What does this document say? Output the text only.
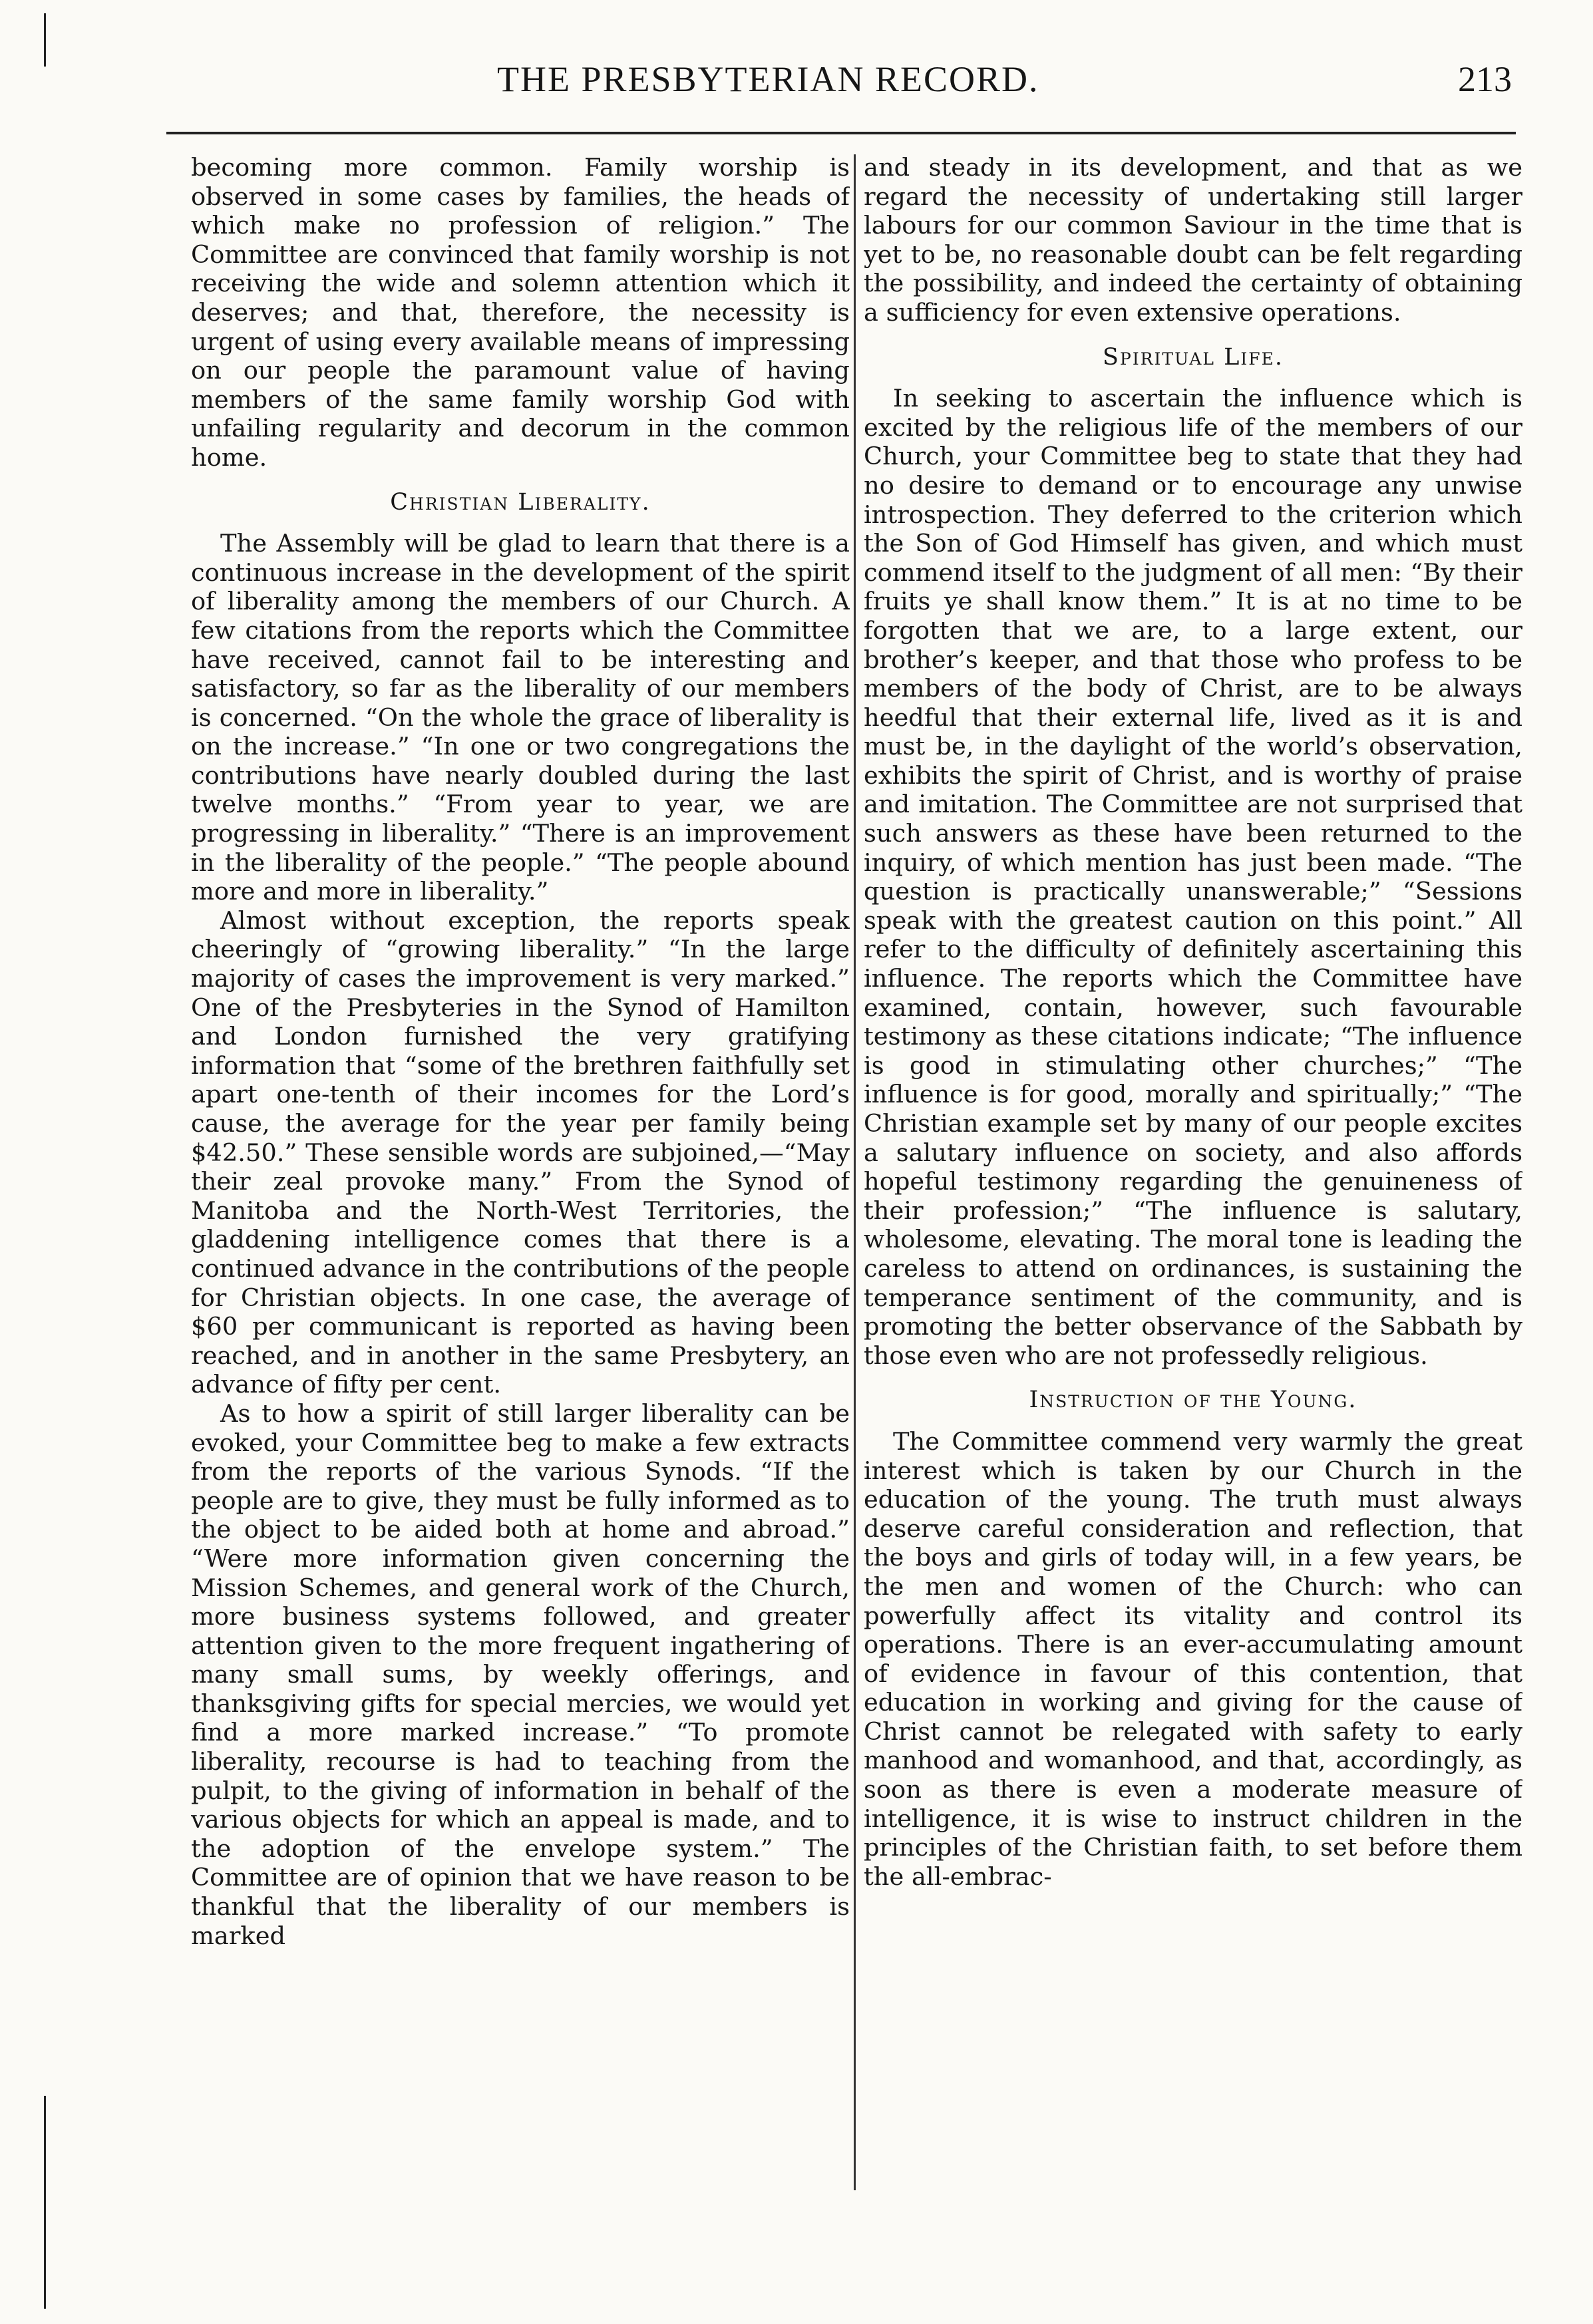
THE PRESBYTERIAN RECORD.	213

becoming more common. Family worship is observed in some cases by families, the heads of which make no profession of religion.” The Committee are convinced that family worship is not receiving the wide and solemn attention which it deserves; and that, therefore, the necessity is urgent of using every available means of impressing on our people the paramount value of having members of the same family worship God with unfailing regularity and decorum in the common home.

Christian Liberality.

The Assembly will be glad to learn that there is a continuous increase in the development of the spirit of liberality among the members of our Church. A few citations from the reports which the Committee have received, cannot fail to be interesting and satisfactory, so far as the liberality of our members is concerned. “On the whole the grace of liberality is on the increase.” “In one or two congregations the contributions have nearly doubled during the last twelve months.” “From year to year, we are progressing in liberality.” “There is an improvement in the liberality of the people.” “The people abound more and more in liberality.”

Almost without exception, the reports speak cheeringly of “growing liberality.” “In the large majority of cases the improvement is very marked.” One of the Presbyteries in the Synod of Hamilton and London furnished the very gratifying information that “some of the brethren faithfully set apart one-tenth of their incomes for the Lord’s cause, the average for the year per family being $42.50.” These sensible words are subjoined,—“May their zeal provoke many.” From the Synod of Manitoba and the North-West Territories, the gladdening intelligence comes that there is a continued advance in the contributions of the people for Christian objects. In one case, the average of $60 per communicant is reported as having been reached, and in another in the same Presbytery, an advance of fifty per cent.

As to how a spirit of still larger liberality can be evoked, your Committee beg to make a few extracts from the reports of the various Synods. “If the people are to give, they must be fully informed as to the object to be aided both at home and abroad.” “Were more information given concerning the Mission Schemes, and general work of the Church, more business systems followed, and greater attention given to the more frequent ingathering of many small sums, by weekly offerings, and thanksgiving gifts for special mercies, we would yet find a more marked increase.” “To promote liberality, recourse is had to teaching from the pulpit, to the giving of information in behalf of the various objects for which an appeal is made, and to the adoption of the envelope system.” The Committee are of opinion that we have reason to be thankful that the liberality of our members is marked

and steady in its development, and that as we regard the necessity of undertaking still larger labours for our common Saviour in the time that is yet to be, no reasonable doubt can be felt regarding the possibility, and indeed the certainty of obtaining a sufficiency for even extensive operations.

Spiritual Life.

In seeking to ascertain the influence which is excited by the religious life of the members of our Church, your Committee beg to state that they had no desire to demand or to encourage any unwise introspection. They deferred to the criterion which the Son of God Himself has given, and which must commend itself to the judgment of all men: “By their fruits ye shall know them.” It is at no time to be forgotten that we are, to a large extent, our brother’s keeper, and that those who profess to be members of the body of Christ, are to be always heedful that their external life, lived as it is and must be, in the daylight of the world’s observation, exhibits the spirit of Christ, and is worthy of praise and imitation. The Committee are not surprised that such answers as these have been returned to the inquiry, of which mention has just been made. “The question is practically unanswerable;” “Sessions speak with the greatest caution on this point.” All refer to the difficulty of definitely ascertaining this influence. The reports which the Committee have examined, contain, however, such favourable testimony as these citations indicate; “The influence is good in stimulating other churches;” “The influence is for good, morally and spiritually;” “The Christian example set by many of our people excites a salutary influence on society, and also affords hopeful testimony regarding the genuineness of their profession;” “The influence is salutary, wholesome, elevating. The moral tone is leading the careless to attend on ordinances, is sustaining the temperance sentiment of the community, and is promoting the better observance of the Sabbath by those even who are not professedly religious.

Instruction of the Young.

The Committee commend very warmly the great interest which is taken by our Church in the education of the young. The truth must always deserve careful consideration and reflection, that the boys and girls of today will, in a few years, be the men and women of the Church: who can powerfully affect its vitality and control its operations. There is an ever-accumulating amount of evidence in favour of this contention, that education in working and giving for the cause of Christ cannot be relegated with safety to early manhood and womanhood, and that, accordingly, as soon as there is even a moderate measure of intelligence, it is wise to instruct children in the principles of the Christian faith, to set before them the all-embrac-
